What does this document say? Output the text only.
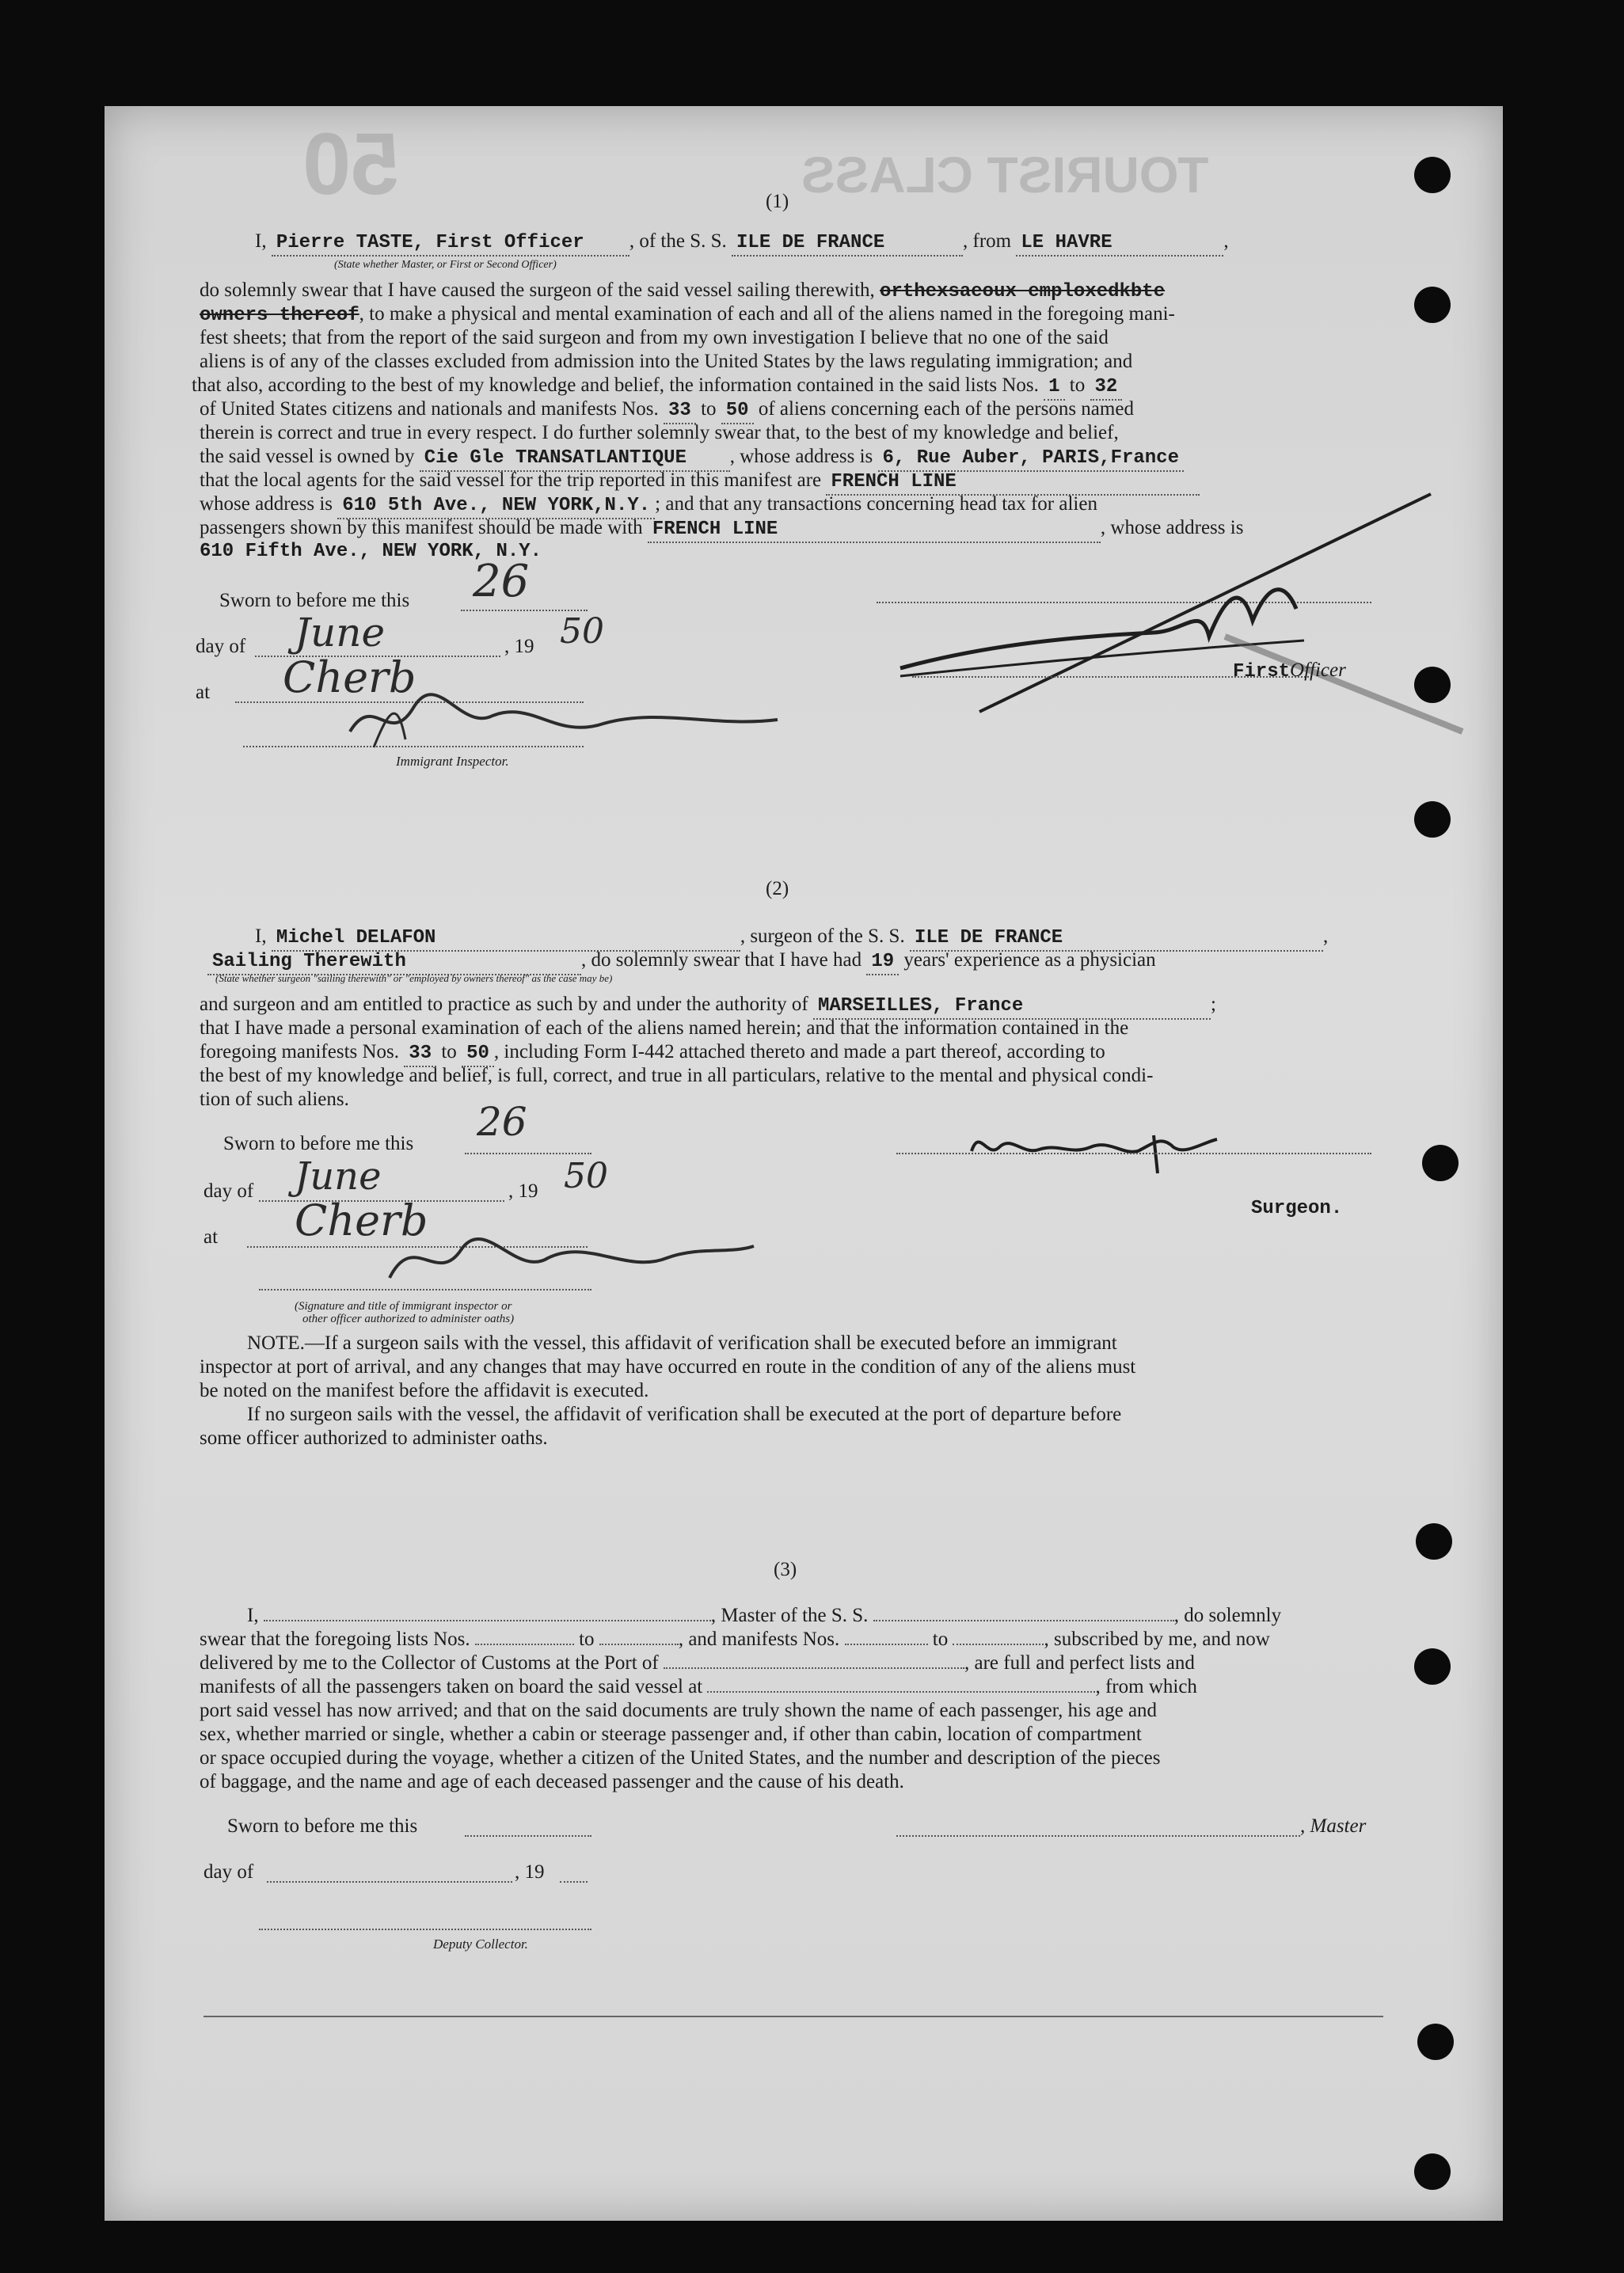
50	TOURIST CLASS
(1)
I, Pierre TASTE, First Officer , of the S. S. ILE DE FRANCE	, from LE HAVRE	,
(State whether Master, or First or Second Officer)
do solemnly swear that I have caused the surgeon of the said vessel sailing therewith, orthexsaeoux emploxedkbte
owners thereof, to make a physical and mental examination of each and all of the aliens named in the foregoing mani-
fest sheets; that from the report of the said surgeon and from my own investigation I believe that no one of the said
aliens is of any of the classes excluded from admission into the United States by the laws regulating immigration; and
that also, according to the best of my knowledge and belief, the information contained in the said lists Nos. 1 to 32
of United States citizens and nationals and manifests Nos. 33 to 50 of aliens concerning each of the persons named
therein is correct and true in every respect. I do further solemnly swear that, to the best of my knowledge and belief,
the said vessel is owned by Cie Gle TRANSATLANTIQUE , whose address is 6, Rue Auber, PARIS,France
that the local agents for the said vessel for the trip reported in this manifest are FRENCH LINE
whose address is 610 5th Ave., NEW YORK,N.Y. ; and that any transactions concerning head tax for alien
passengers shown by this manifest should be made with FRENCH LINE	, whose address is
610 Fifth Ave., NEW YORK, N.Y.
Sworn to before me this 26
day of June	, 19 50
at Cherb
Immigrant Inspector.
FirstOfficer
(2)
I, Michel DELAFON	, surgeon of the S. S. ILE DE FRANCE	,
Sailing Therewith	, do solemnly swear that I have had 19 years' experience as a physician
(State whether surgeon "sailing therewith" or "employed by owners thereof" as the case may be)
and surgeon and am entitled to practice as such by and under the authority of MARSEILLES, France	;
that I have made a personal examination of each of the aliens named herein; and that the information contained in the
foregoing manifests Nos. 33 to 50 , including Form I-442 attached thereto and made a part thereof, according to
the best of my knowledge and belief, is full, correct, and true in all particulars, relative to the mental and physical condi-
tion of such aliens.
Sworn to before me this 26
day of June	, 19 50
at Cherb
(Signature and title of immigrant inspector or
other officer authorized to administer oaths)
Surgeon.
NOTE.—If a surgeon sails with the vessel, this affidavit of verification shall be executed before an immigrant
inspector at port of arrival, and any changes that may have occurred en route in the condition of any of the aliens must
be noted on the manifest before the affidavit is executed.
If no surgeon sails with the vessel, the affidavit of verification shall be executed at the port of departure before
some officer authorized to administer oaths.
(3)
I,	, Master of the S. S.	, do solemnly
swear that the foregoing lists Nos.	to	, and manifests Nos.	to	, subscribed by me, and now
delivered by me to the Collector of Customs at the Port of	, are full and perfect lists and
manifests of all the passengers taken on board the said vessel at	, from which
port said vessel has now arrived; and that on the said documents are truly shown the name of each passenger, his age and
sex, whether married or single, whether a cabin or steerage passenger and, if other than cabin, location of compartment
or space occupied during the voyage, whether a citizen of the United States, and the number and description of the pieces
of baggage, and the name and age of each deceased passenger and the cause of his death.
Sworn to before me this	, Master
day of	, 19
Deputy Collector.
